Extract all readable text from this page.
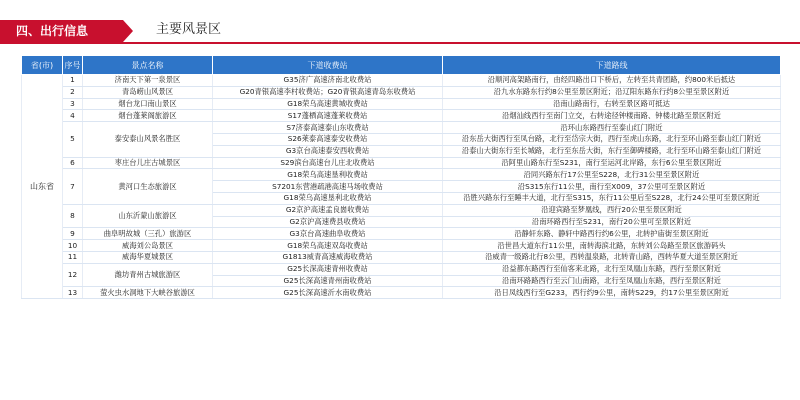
四、出行信息	主要风景区
省(市)	序号	景点名称	下道收费站	下道路线
山东省	1	济南天下第一泉景区	G35济广高速济南北收费站	沿顺河高架路南行，由经四路出口下桥后，左转至共青团路，约800米后抵达
	2	青岛崂山风景区	G20青银高速李村收费站；G20青银高速青岛东收费站	沿九水东路东行约8公里至景区附近；沿辽阳东路东行约8公里至景区附近
	3	烟台龙口南山景区	G18荣乌高速黄城收费站	沿南山路南行，右转至景区路可抵达
	4	烟台蓬莱阁旅游区	S17蓬栖高速蓬莱收费站	沿烟汕线西行至南门立交，右转途径钟楼南路、钟楼北路至景区附近
	5	泰安泰山风景名胜区	S7济泰高速泰山东收费站	沿环山东路西行至泰山红门附近
			S26莱泰高速泰安收费站	沿东岳大街西行至凤台路，北行至岱宗大街，西行至虎山东路，北行至环山路至泰山红门附近
			G3京台高速泰安西收费站	沿泰山大街东行至长城路，北行至东岳大街，东行至御碑楼路，北行至环山路至泰山红门附近
	6	枣庄台儿庄古城景区	S29滨台高速台儿庄北收费站	沿阿里山路东行至S231，南行至运河北岸路，东行6公里至景区附近
	7	黄河口生态旅游区	G18荣乌高速垦利收费站	沿同兴路东行17公里至S228，北行31公里至景区附近
			S7201东营港疏港高速马场收费站	沿S315东行11公里，南行至X009，37公里可至景区附近
			G18荣乌高速垦利北收费站	沿胜兴路东行至睡丰大道，北行至S315，东行11公里后至S228，北行24公里可至景区附近
	8	山东沂蒙山旅游区	G2京沪高速孟良崮收费站	沿迎宾路至梦凰线，西行20公里至景区附近
			G2京沪高速费县收费站	沿南环路西行至S231，南行20公里可至景区附近
	9	曲阜明故城（三孔）旅游区	G3京台高速曲阜收费站	沿静轩东路、静轩中路西行约6公里，北转护庙街至景区附近
	10	威海刘公岛景区	G18荣乌高速双岛收费站	沿世昌大道东行11公里，南转海滨北路，东转刘公岛路至景区旅游码头
	11	威海华夏城景区	G1813威青高速威海收费站	沿威青一级路北行8公里，西转温泉路，北转青山路，西转华夏大道至景区附近
	12	潍坊青州古城旅游区	G25长深高速青州收费站	沿益都东路西行至仙客来北路，北行至凤凰山东路，西行至景区附近
			G25长深高速青州南收费站	沿南环路路西行至云门山南路，北行至凤凰山东路，西行至景区附近
	13	萤火虫水洞地下大峡谷旅游区	G25长深高速沂水南收费站	沿日凤线西行至G233，西行约9公里，南转S229，约17公里至景区附近
